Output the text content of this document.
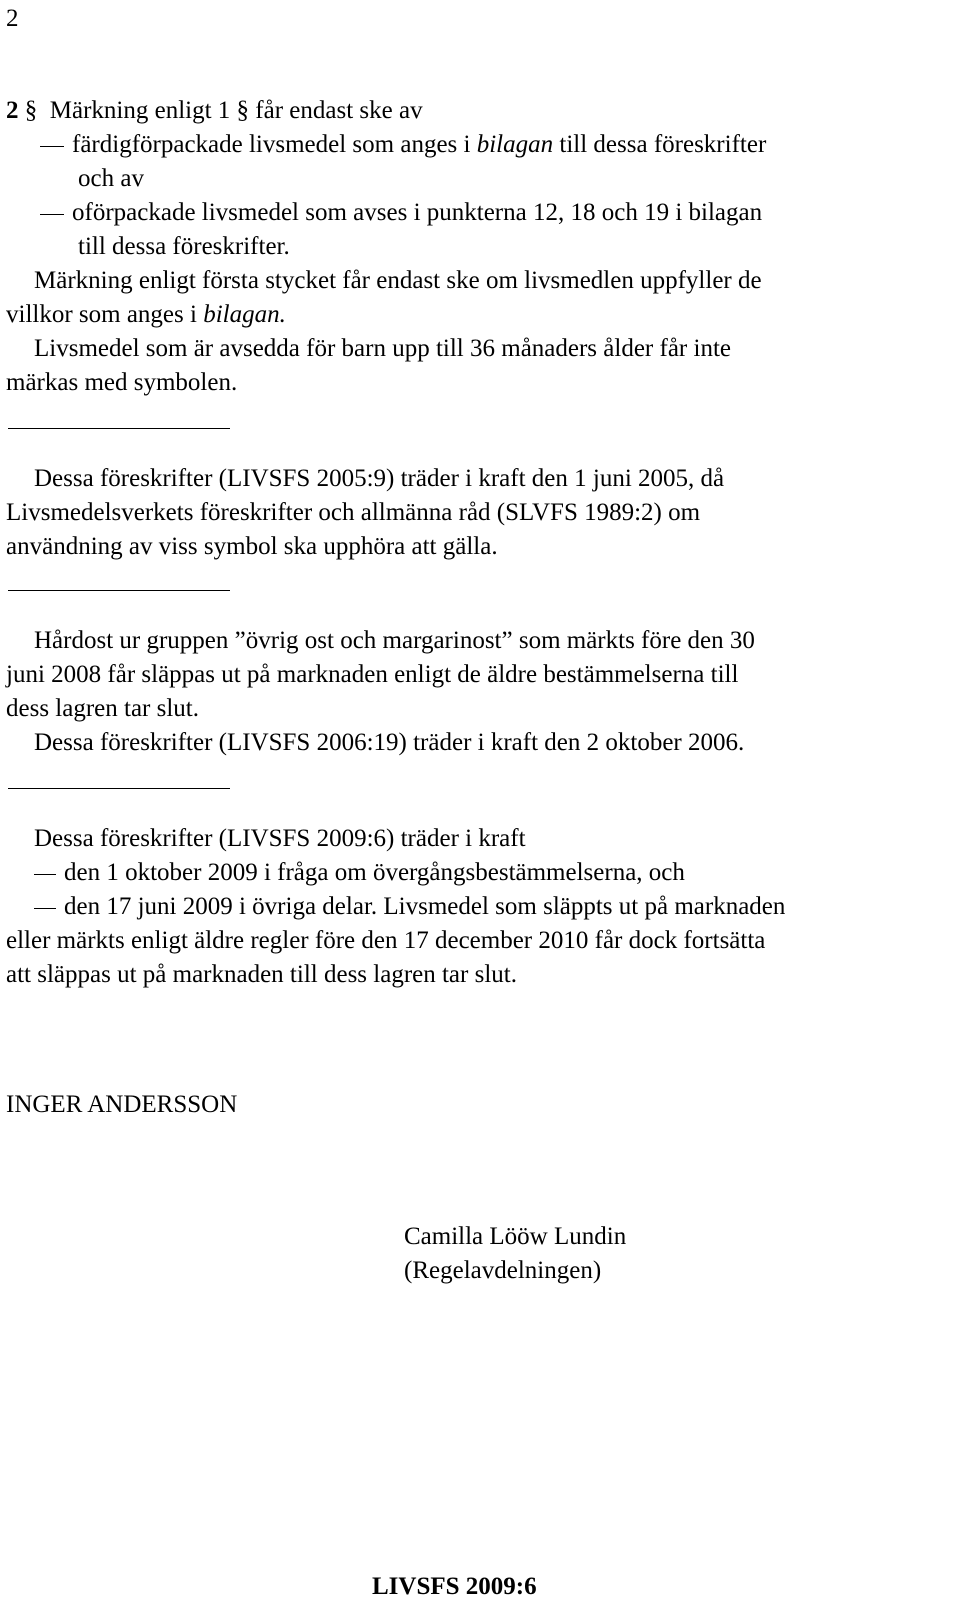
2
2 § Märkning enligt 1 § får endast ske av
färdigförpackade livsmedel som anges i bilagan till dessa föreskrifter
och av
oförpackade livsmedel som avses i punkterna 12, 18 och 19 i bilagan
till dessa föreskrifter.
Märkning enligt första stycket får endast ske om livsmedlen uppfyller de
villkor som anges i bilagan.
Livsmedel som är avsedda för barn upp till 36 månaders ålder får inte
märkas med symbolen.
Dessa föreskrifter (LIVSFS 2005:9) träder i kraft den 1 juni 2005, då
Livsmedelsverkets föreskrifter och allmänna råd (SLVFS 1989:2) om
användning av viss symbol ska upphöra att gälla.
Hårdost ur gruppen ”övrig ost och margarinost” som märkts före den 30
juni 2008 får släppas ut på marknaden enligt de äldre bestämmelserna till
dess lagren tar slut.
Dessa föreskrifter (LIVSFS 2006:19) träder i kraft den 2 oktober 2006.
Dessa föreskrifter (LIVSFS 2009:6) träder i kraft
den 1 oktober 2009 i fråga om övergångsbestämmelserna, och
den 17 juni 2009 i övriga delar. Livsmedel som släppts ut på marknaden
eller märkts enligt äldre regler före den 17 december 2010 får dock fortsätta
att släppas ut på marknaden till dess lagren tar slut.
INGER ANDERSSON
Camilla Lööw Lundin
(Regelavdelningen)
LIVSFS 2009:6
